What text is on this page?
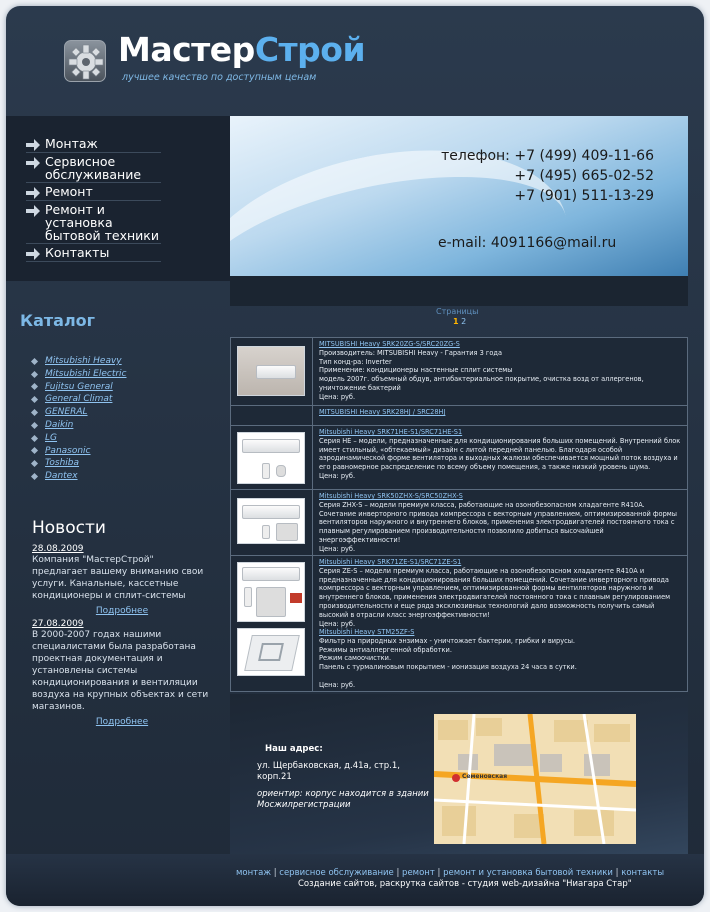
МастерСтрой
лучшее качество по доступным ценам
Монтаж
Сервисное обслуживание
Ремонт
Ремонт и установка бытовой техники
Контакты
телефон: +7 (499) 409-11-66
+7 (495) 665-02-52
+7 (901) 511-13-29
e-mail: 4091166@mail.ru
Каталог
Mitsubishi Heavy
Mitsubishi Electric
Fujitsu General
General Climat
GENERAL
Daikin
LG
Panasonic
Toshiba
Dantex
Новости
28.08.2009

Компания "МастерСтрой" предлагает вашему вниманию свои услуги. Канальные, кассетные кондиционеры и сплит-системы

Подробнее
27.08.2009

В 2000-2007 годах нашими специалистами была разработана проектная документация и установлены системы кондиционирования и вентиляции воздуха на крупных объектах и сети магазинов.

Подробнее
Страницы
1 2
MITSUBISHI Heavy SRK20ZG-S/SRC20ZG-S
Производитель: MITSUBISHI Heavy - Гарантия 3 года
Тип конд-ра: Inverter
Применение: кондиционеры настенные сплит системы
модель 2007г. объемный обдув, антибактериальное покрытие, очистка возд от аллергенов, уничтожение бактерий
Цена: руб.
MITSUBISHI Heavy SRK28HJ / SRC28HJ
Mitsubishi Heavy SRK71HE-S1/SRC71HE-S1
Серия HE – модели, предназначенные для кондиционирования больших помещений. Внутренний блок имеет стильный, «обтекаемый» дизайн с литой передней панелью. Благодаря особой аэродинамической форме вентилятора и выходных жалюзи обеспечивается мощный поток воздуха и его равномерное распределение по всему объему помещения, а также низкий уровень шума.
Цена: руб.
Mitsubishi Heavy SRK50ZHX-S/SRC50ZHX-S
Серия ZHX-S – модели премиум класса, работающие на озонобезопасном хладагенте R410A. Сочетание инверторного привода компрессора с векторным управлением, оптимизированной формы вентиляторов наружного и внутреннего блоков, применения электродвигателей постоянного тока с плавным регулированием производительности позволило добиться высочайшей энергоэффективности!
Цена: руб.
Mitsubishi Heavy SRK71ZE-S1/SRC71ZE-S1
Серия ZE-S – модели премиум класса, работающие на озонобезопасном хладагенте R410A и предназначенные для кондиционирования больших помещений. Сочетание инверторного привода компрессора с векторным управлением, оптимизированной формы вентиляторов наружного и внутреннего блоков, применения электродвигателей постоянного тока с плавным регулированием производительности и еще ряда эксклюзивных технологий дало возможность получить самый высокий в отрасли класс энергоэффективности!
Цена: руб.
Mitsubishi Heavy STM25ZF-S
Фильтр на природных энзимах - уничтожает бактерии, грибки и вирусы.
Режимы антиаллергенной обработки.
Режим самоочистки.
Панель с турмалиновым покрытием - ионизация воздуха 24 часа в сутки.
Цена: руб.
Наш адрес:
ул. Щербаковская, д.41а, стр.1, корп.21
ориентир: корпус находится в здании Мосжилрегистрации
Семеновская
монтаж | сервисное обслуживание | ремонт | ремонт и установка бытовой техники | контакты
Создание сайтов, раскрутка сайтов - студия web-дизайна "Ниагара Стар"
